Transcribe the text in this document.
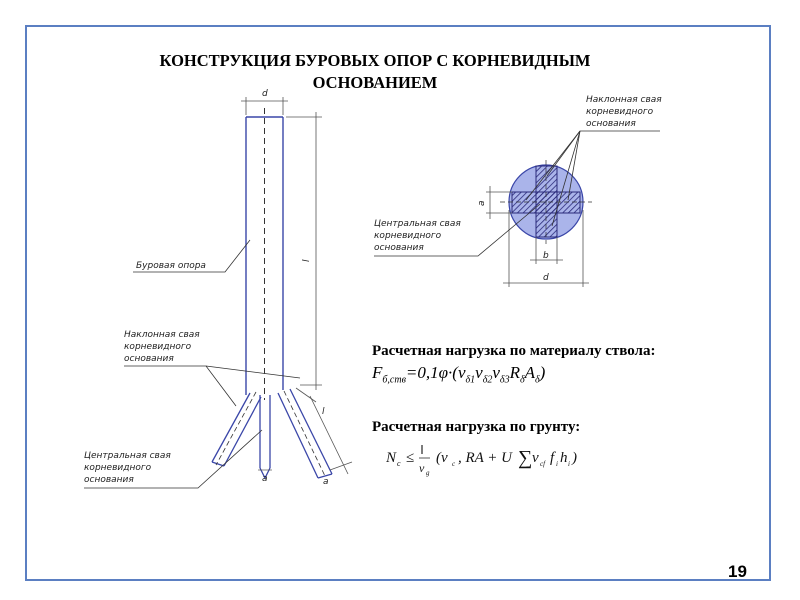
КОНСТРУКЦИЯ БУРОВЫХ ОПОР С КОРНЕВИДНЫМ ОСНОВАНИЕМ
d
l
a	a
l
Буровая опора
Наклонная свая
корневидного
основания
Центральная свая
корневидного
основания
a
b
d
Наклонная свая
корневидного
основания
Центральная свая
корневидного
основания
Расчетная нагрузка по материалу ствола:
$F_{б,ств}=0,1\varphi\cdot(\nu_{\delta 1}\nu_{\delta 2}\nu_{\delta 3}R_\delta A_\delta)$
Расчетная нагрузка по грунту:
N c ≤
ν g
(ν c , RA + U ∑ ν cf f i h i )
19
